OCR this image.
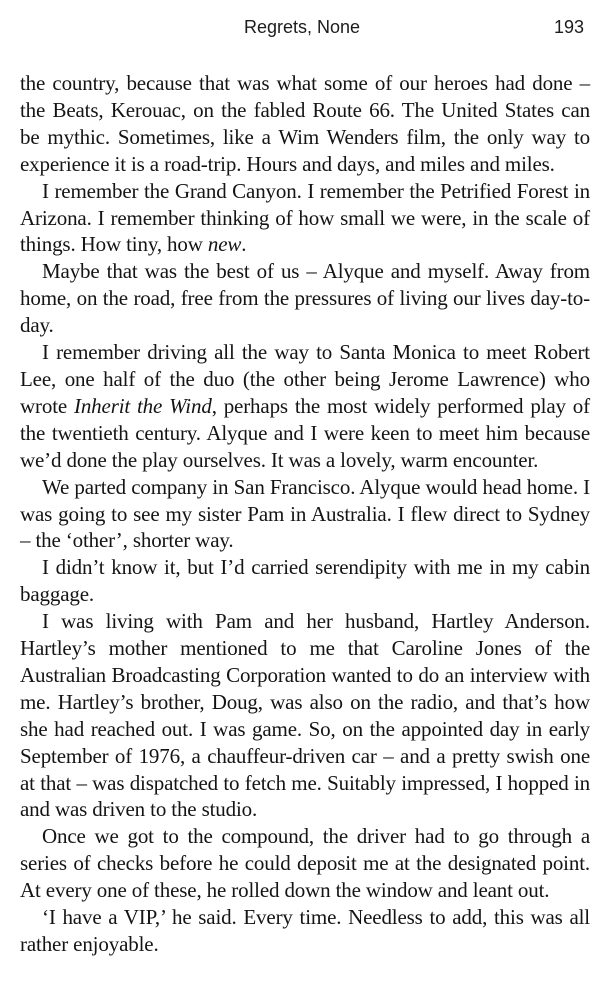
Regrets, None	193

the country, because that was what some of our heroes had done – the Beats, Kerouac, on the fabled Route 66. The United States can be mythic. Sometimes, like a Wim Wenders film, the only way to experience it is a road-trip. Hours and days, and miles and miles.

I remember the Grand Canyon. I remember the Petrified Forest in Arizona. I remember thinking of how small we were, in the scale of things. How tiny, how new.

Maybe that was the best of us – Alyque and myself. Away from home, on the road, free from the pressures of living our lives day-to-day.

I remember driving all the way to Santa Monica to meet Robert Lee, one half of the duo (the other being Jerome Lawrence) who wrote Inherit the Wind, perhaps the most widely performed play of the twentieth century. Alyque and I were keen to meet him because we’d done the play ourselves. It was a lovely, warm encounter.

We parted company in San Francisco. Alyque would head home. I was going to see my sister Pam in Australia. I flew direct to Sydney – the ‘other’, shorter way.

I didn’t know it, but I’d carried serendipity with me in my cabin baggage.

I was living with Pam and her husband, Hartley Anderson. Hartley’s mother mentioned to me that Caroline Jones of the Australian Broadcasting Corporation wanted to do an interview with me. Hartley’s brother, Doug, was also on the radio, and that’s how she had reached out. I was game. So, on the appointed day in early September of 1976, a chauffeur-driven car – and a pretty swish one at that – was dispatched to fetch me. Suitably impressed, I hopped in and was driven to the studio.

Once we got to the compound, the driver had to go through a series of checks before he could deposit me at the designated point. At every one of these, he rolled down the window and leant out.

‘I have a VIP,’ he said. Every time. Needless to add, this was all rather enjoyable.
